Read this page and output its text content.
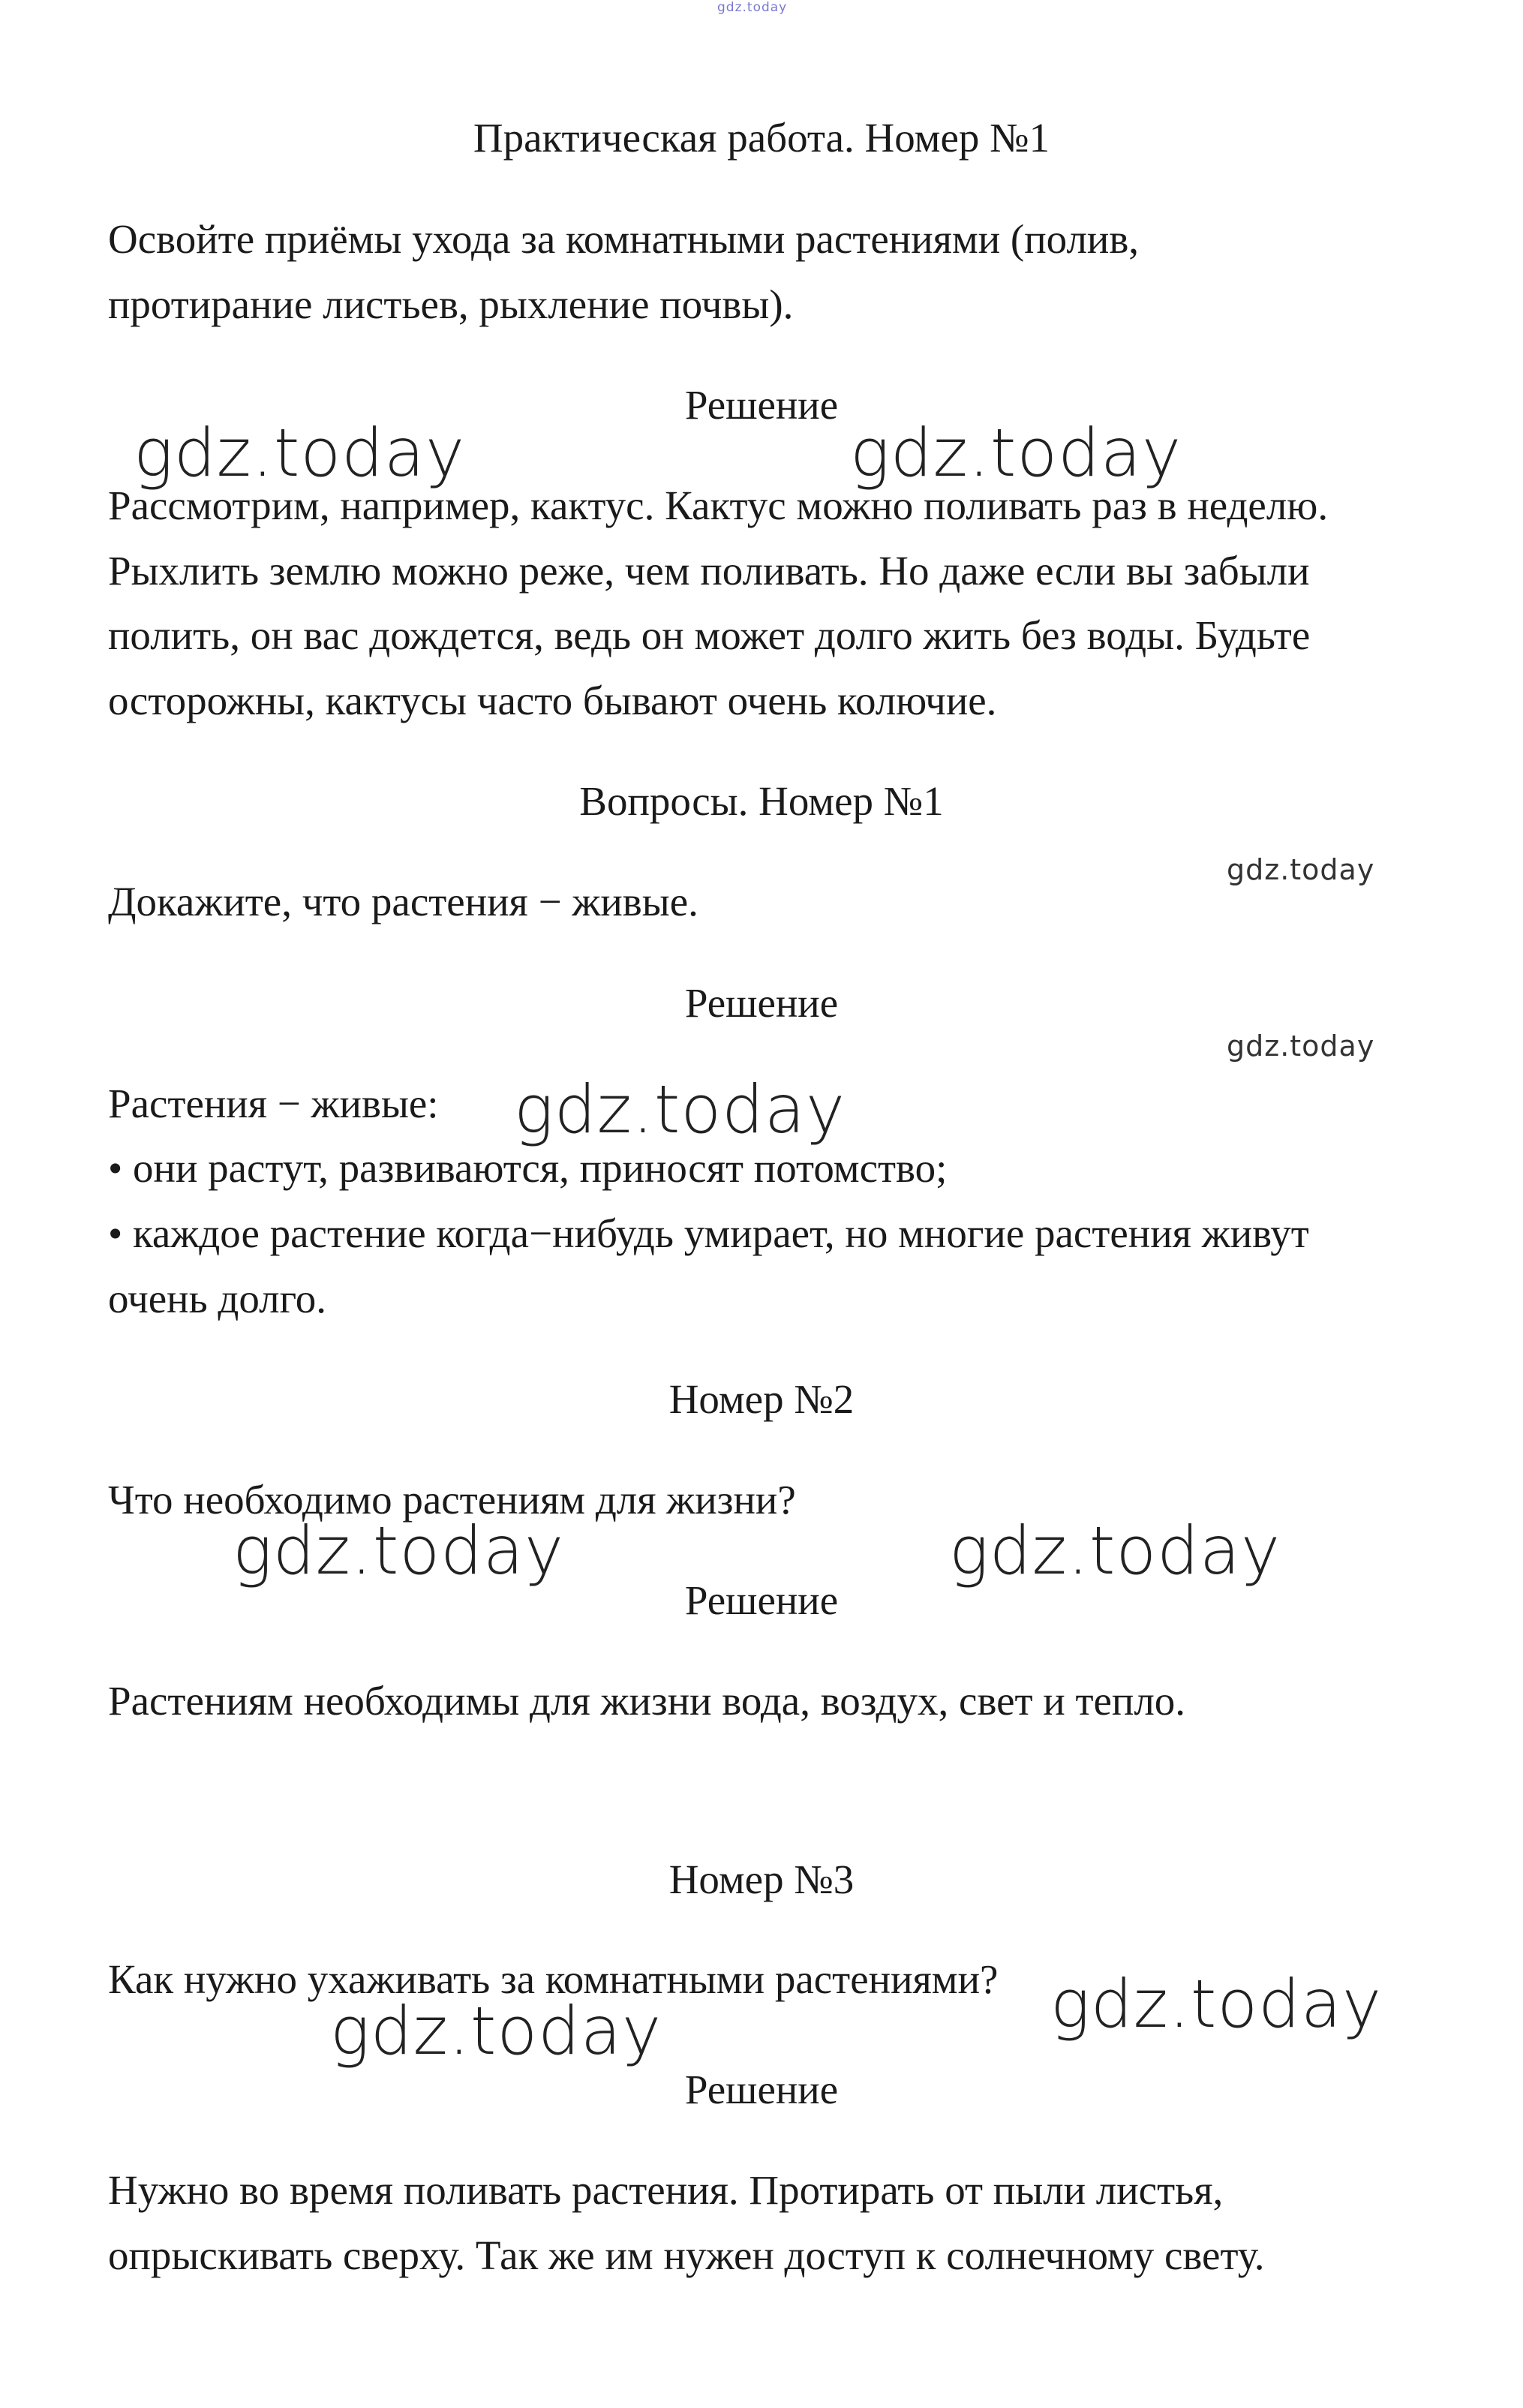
gdz.today

Практическая работа. Номер №1

Освойте приёмы ухода за комнатными растениями (полив,

протирание листьев, рыхление почвы).

Решение

Рассмотрим, например, кактус. Кактус можно поливать раз в неделю.

Рыхлить землю можно реже, чем поливать. Но даже если вы забыли

полить, он вас дождется, ведь он может долго жить без воды. Будьте

осторожны, кактусы часто бывают очень колючие.

Вопросы. Номер №1

Докажите, что растения − живые.

Решение

Растения − живые:

• они растут, развиваются, приносят потомство;

• каждое растение когда−нибудь умирает, но многие растения живут

очень долго.

Номер №2

Что необходимо растениям для жизни?

Решение

Растениям необходимы для жизни вода, воздух, свет и тепло.

Номер №3

Как нужно ухаживать за комнатными растениями?

Решение

Нужно во время поливать растения. Протирать от пыли листья,

опрыскивать сверху. Так же им нужен доступ к солнечному свету.

gdz.today	gdz.today
gdz.today
gdz.today
gdz.today
gdz.today	gdz.today
gdz.today	gdz.today
